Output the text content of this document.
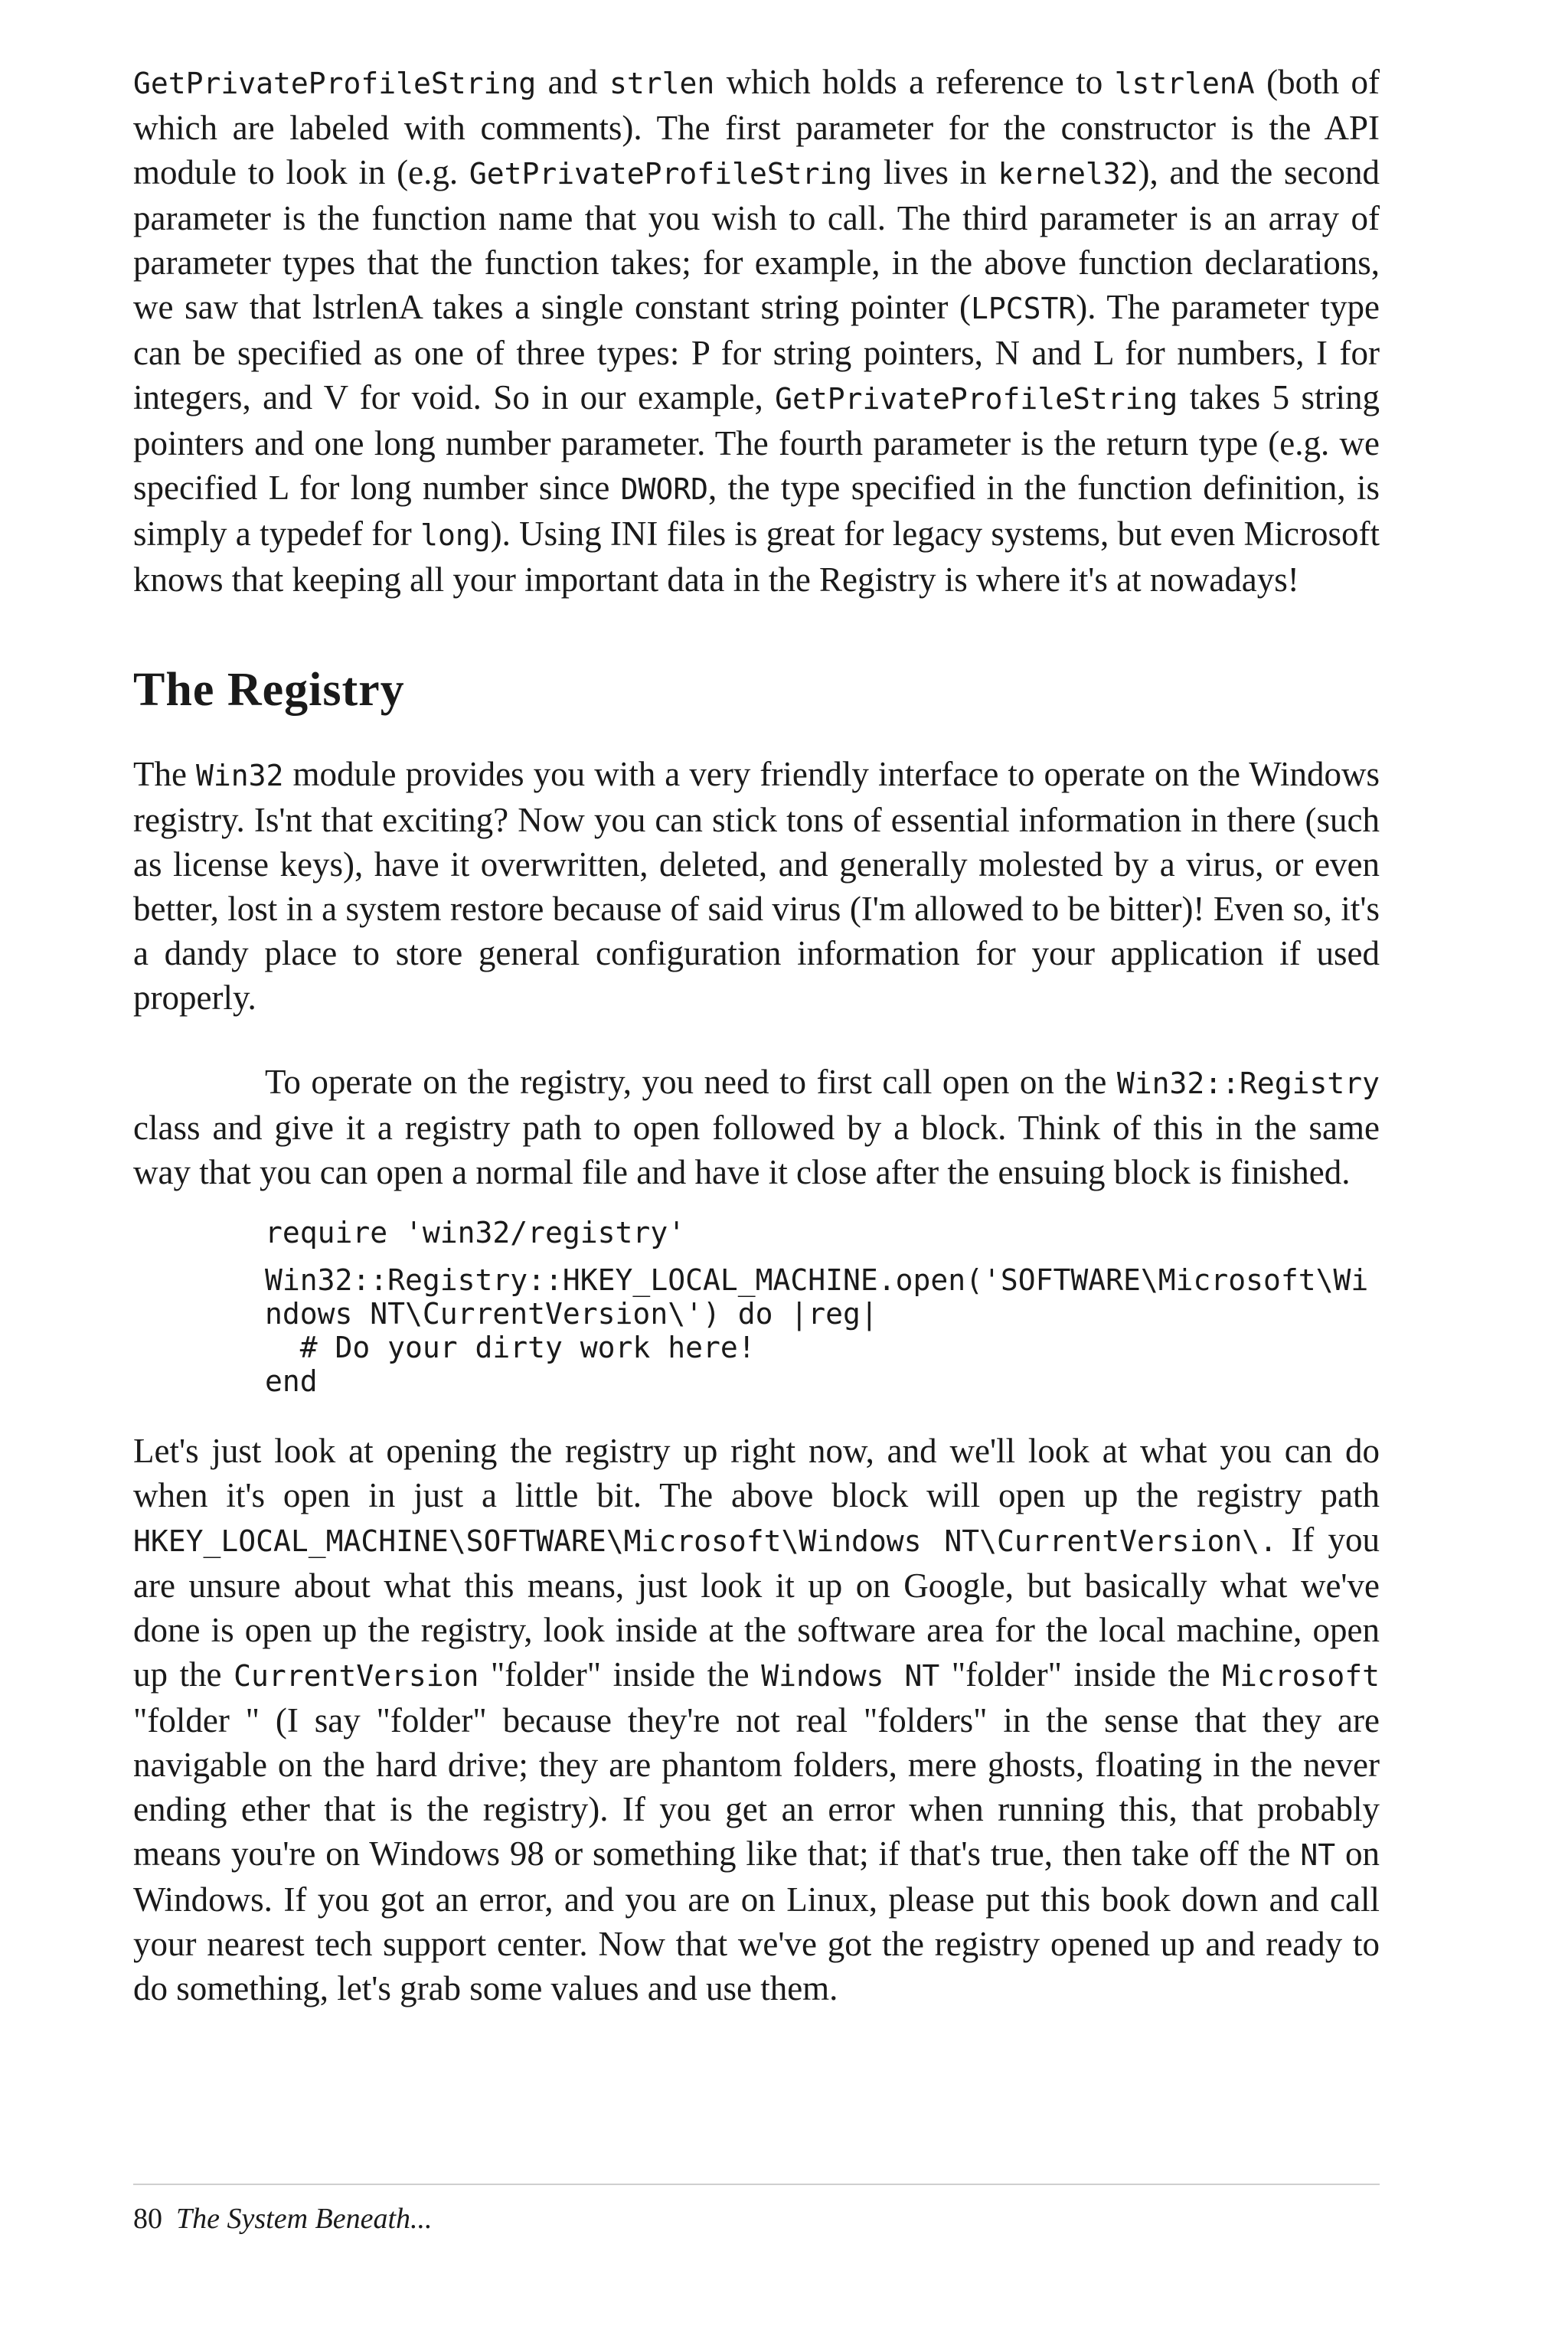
GetPrivateProfileString and strlen which holds a reference to lstrlenA (both of which are labeled with comments). The first parameter for the constructor is the API module to look in (e.g. GetPrivateProfileString lives in kernel32), and the second parameter is the function name that you wish to call. The third parameter is an array of parameter types that the function takes; for example, in the above function declarations, we saw that lstrlenA takes a single constant string pointer (LPCSTR). The parameter type can be specified as one of three types: P for string pointers, N and L for numbers, I for integers, and V for void. So in our example, GetPrivateProfileString takes 5 string pointers and one long number parameter. The fourth parameter is the return type (e.g. we specified L for long number since DWORD, the type specified in the function definition, is simply a typedef for long). Using INI files is great for legacy systems, but even Microsoft knows that keeping all your important data in the Registry is where it's at nowadays!

The Registry

The Win32 module provides you with a very friendly interface to operate on the Windows registry. Is'nt that exciting? Now you can stick tons of essential information in there (such as license keys), have it overwritten, deleted, and generally molested by a virus, or even better, lost in a system restore because of said virus (I'm allowed to be bitter)! Even so, it's a dandy place to store general configuration information for your application if used properly.

To operate on the registry, you need to first call open on the Win32::Registry class and give it a registry path to open followed by a block. Think of this in the same way that you can open a normal file and have it close after the ensuing block is finished.

require 'win32/registry'
Win32::Registry::HKEY_LOCAL_MACHINE.open('SOFTWARE\Microsoft\Wi
ndows NT\CurrentVersion\') do |reg|
# Do your dirty work here!
end

Let's just look at opening the registry up right now, and we'll look at what you can do when it's open in just a little bit. The above block will open up the registry path HKEY_LOCAL_MACHINE\SOFTWARE\Microsoft\Windows NT\CurrentVersion\. If you are unsure about what this means, just look it up on Google, but basically what we've done is open up the registry, look inside at the software area for the local machine, open up the CurrentVersion "folder" inside the Windows NT "folder" inside the Microsoft "folder " (I say "folder" because they're not real "folders" in the sense that they are navigable on the hard drive; they are phantom folders, mere ghosts, floating in the never ending ether that is the registry). If you get an error when running this, that probably means you're on Windows 98 or something like that; if that's true, then take off the NT on Windows. If you got an error, and you are on Linux, please put this book down and call your nearest tech support center. Now that we've got the registry opened up and ready to do something, let's grab some values and use them.

80 The System Beneath...
